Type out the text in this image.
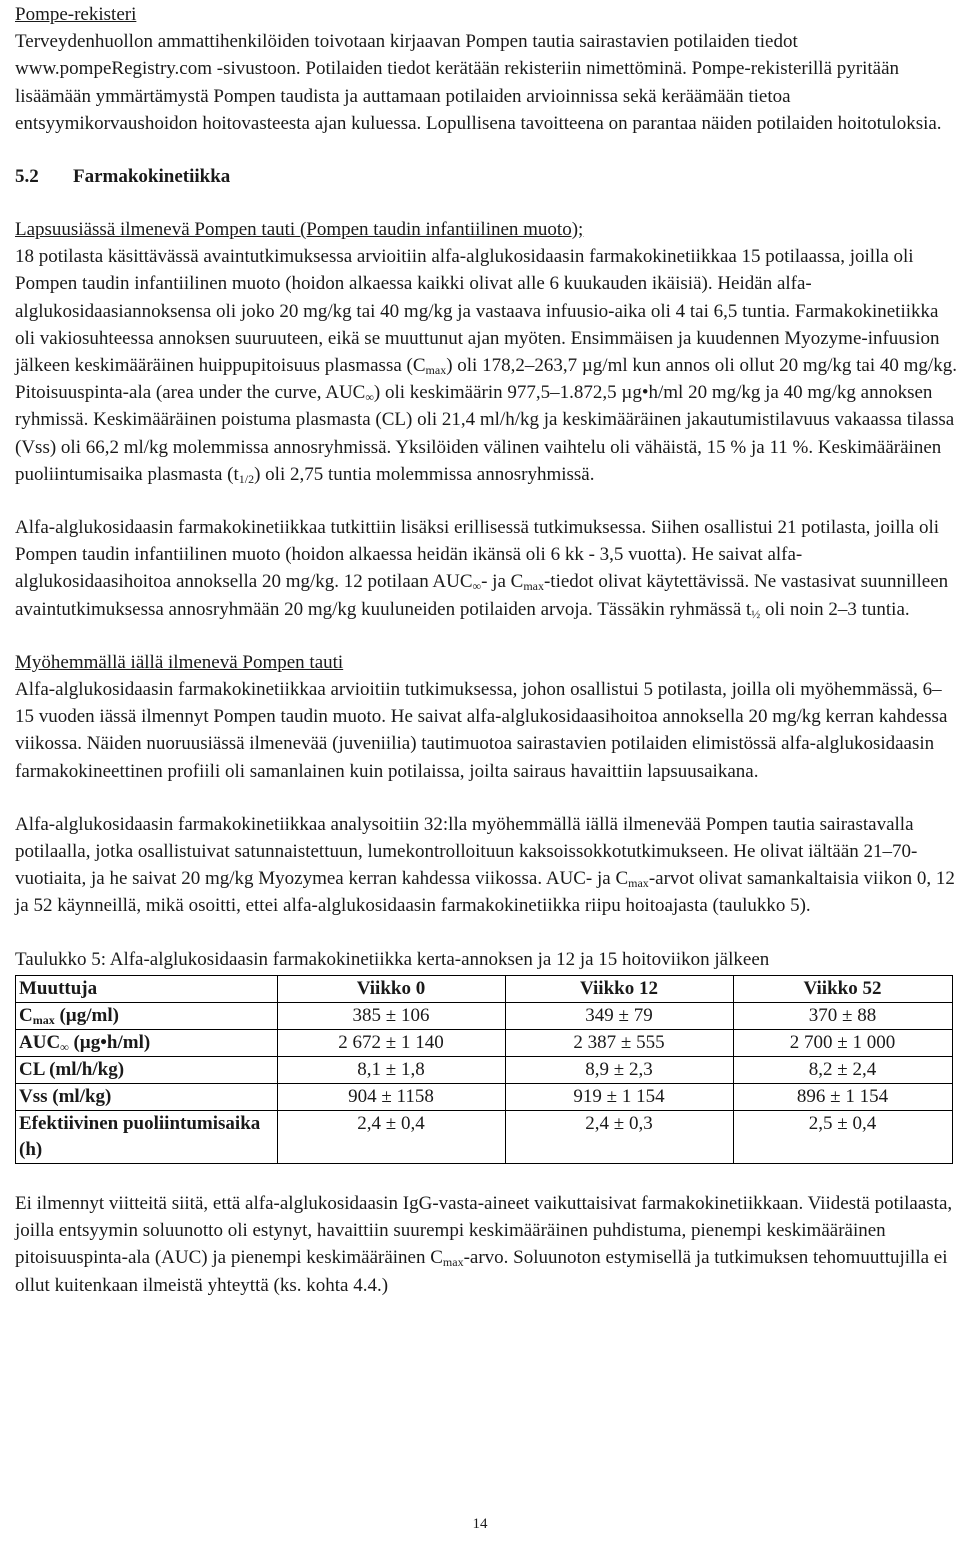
Pompe-rekisteri

Terveydenhuollon ammattihenkilöiden toivotaan kirjaavan Pompen tautia sairastavien potilaiden tiedot www.pompeRegistry.com -sivustoon. Potilaiden tiedot kerätään rekisteriin nimettöminä. Pompe-rekisterillä pyritään lisäämään ymmärtämystä Pompen taudista ja auttamaan potilaiden arvioinnissa sekä keräämään tietoa entsyymikorvaushoidon hoitovasteesta ajan kuluessa. Lopullisena tavoitteena on parantaa näiden potilaiden hoitotuloksia.

5.2 Farmakokinetiikka

Lapsuusiässä ilmenevä Pompen tauti (Pompen taudin infantiilinen muoto);

18 potilasta käsittävässä avaintutkimuksessa arvioitiin alfa-alglukosidaasin farmakokinetiikkaa 15 potilaassa, joilla oli Pompen taudin infantiilinen muoto (hoidon alkaessa kaikki olivat alle 6 kuukauden ikäisiä). Heidän alfa-alglukosidaasiannoksensa oli joko 20 mg/kg tai 40 mg/kg ja vastaava infuusio-aika oli 4 tai 6,5 tuntia. Farmakokinetiikka oli vakiosuhteessa annoksen suuruuteen, eikä se muuttunut ajan myöten. Ensimmäisen ja kuudennen Myozyme-infuusion jälkeen keskimääräinen huippupitoisuus plasmassa $(C_{max})$ oli 178,2–263,7 µg/ml kun annos oli ollut 20 mg/kg tai 40 mg/kg. Pitoisuuspinta-ala (area under the curve, $AUC_\infty$) oli keskimäärin 977,5–1.872,5 µg•h/ml 20 mg/kg ja 40 mg/kg annoksen ryhmissä. Keskimääräinen poistuma plasmasta (CL) oli 21,4 ml/h/kg ja keskimääräinen jakautumistilavuus vakaassa tilassa (Vss) oli 66,2 ml/kg molemmissa annosryhmissä. Yksilöiden välinen vaihtelu oli vähäistä, 15 % ja 11 %. Keskimääräinen puoliintumisaika plasmasta $(t_{1/2})$ oli 2,75 tuntia molemmissa annosryhmissä.

Alfa-alglukosidaasin farmakokinetiikkaa tutkittiin lisäksi erillisessä tutkimuksessa. Siihen osallistui 21 potilasta, joilla oli Pompen taudin infantiilinen muoto (hoidon alkaessa heidän ikänsä oli 6 kk - 3,5 vuotta). He saivat alfa-alglukosidaasihoitoa annoksella 20 mg/kg. 12 potilaan $AUC_\infty-$ ja $C_{max}$-tiedot olivat käytettävissä. Ne vastasivat suunnilleen avaintutkimuksessa annosryhmään 20 mg/kg kuuluneiden potilaiden arvoja. Tässäkin ryhmässä $t_{\frac{1}{2}}$ oli noin 2–3 tuntia.

Myöhemmällä iällä ilmenevä Pompen tauti

Alfa-alglukosidaasin farmakokinetiikkaa arvioitiin tutkimuksessa, johon osallistui 5 potilasta, joilla oli myöhemmässä, 6–15 vuoden iässä ilmennyt Pompen taudin muoto. He saivat alfa-alglukosidaasihoitoa annoksella 20 mg/kg kerran kahdessa viikossa. Näiden nuoruusiässä ilmenevää (juveniilia) tautimuotoa sairastavien potilaiden elimistössä alfa-alglukosidaasin farmakokineettinen profiili oli samanlainen kuin potilaissa, joilta sairaus havaittiin lapsuusaikana.

Alfa-alglukosidaasin farmakokinetiikkaa analysoitiin 32:lla myöhemmällä iällä ilmenevää Pompen tautia sairastavalla potilaalla, jotka osallistuivat satunnaistettuun, lumekontrolloituun kaksoissokkotutkimukseen. He olivat iältään 21–70-vuotiaita, ja he saivat 20 mg/kg Myozymea kerran kahdessa viikossa. AUC- ja $C_{max}$-arvot olivat samankaltaisia viikon 0, 12 ja 52 käynneillä, mikä osoitti, ettei alfa-alglukosidaasin farmakokinetiikka riipu hoitoajasta (taulukko 5).

Taulukko 5: Alfa-alglukosidaasin farmakokinetiikka kerta-annoksen ja 12 ja 15 hoitoviikon jälkeen

Muuttuja	Viikko 0	Viikko 12	Viikko 52
$C_{max}$ (µg/ml)	385 ± 106	349 ± 79	370 ± 88
$AUC_\infty$ (µg•h/ml)	2 672 ± 1 140	2 387 ± 555	2 700 ± 1 000
CL (ml/h/kg)	8,1 ± 1,8	8,9 ± 2,3	8,2 ± 2,4
Vss (ml/kg)	904 ± 1158	919 ± 1 154	896 ± 1 154
Efektiivinen puoliintumisaika (h)	2,4 ± 0,4	2,4 ± 0,3	2,5 ± 0,4

Ei ilmennyt viitteitä siitä, että alfa-alglukosidaasin IgG-vasta-aineet vaikuttaisivat farmakokinetiikkaan. Viidestä potilaasta, joilla entsyymin soluunotto oli estynyt, havaittiin suurempi keskimääräinen puhdistuma, pienempi keskimääräinen pitoisuuspinta-ala (AUC) ja pienempi keskimääräinen $C_{max}$-arvo. Soluunoton estymisellä ja tutkimuksen tehomuuttujilla ei ollut kuitenkaan ilmeistä yhteyttä (ks. kohta 4.4.)

14
